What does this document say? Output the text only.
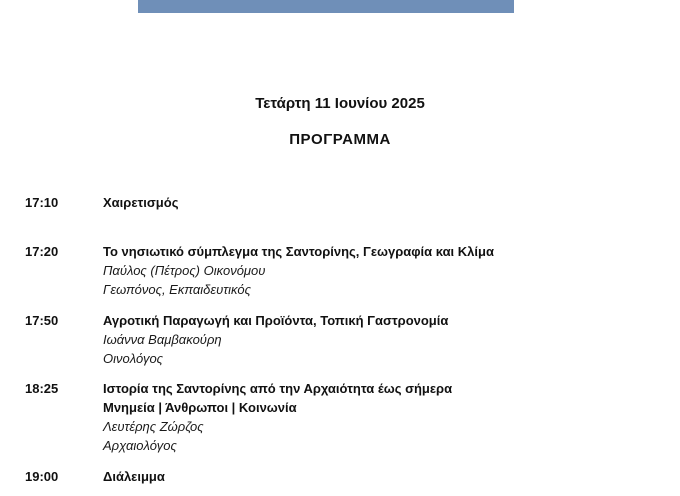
Τετάρτη 11 Ιουνίου 2025
ΠΡΟΓΡΑΜΜΑ
17:10	Χαιρετισμός
17:20	Το νησιωτικό σύμπλεγμα της Σαντορίνης, Γεωγραφία και Κλίμα
Παύλος (Πέτρος) Οικονόμου
Γεωπόνος, Εκπαιδευτικός
17:50	Αγροτική Παραγωγή και Προϊόντα, Τοπική Γαστρονομία
Ιωάννα Βαμβακούρη
Οινολόγος
18:25	Ιστορία της Σαντορίνης από την Αρχαιότητα έως σήμερα
Μνημεία | Άνθρωποι | Κοινωνία
Λευτέρης Ζώρζος
Αρχαιολόγος
19:00	Διάλειμμα
